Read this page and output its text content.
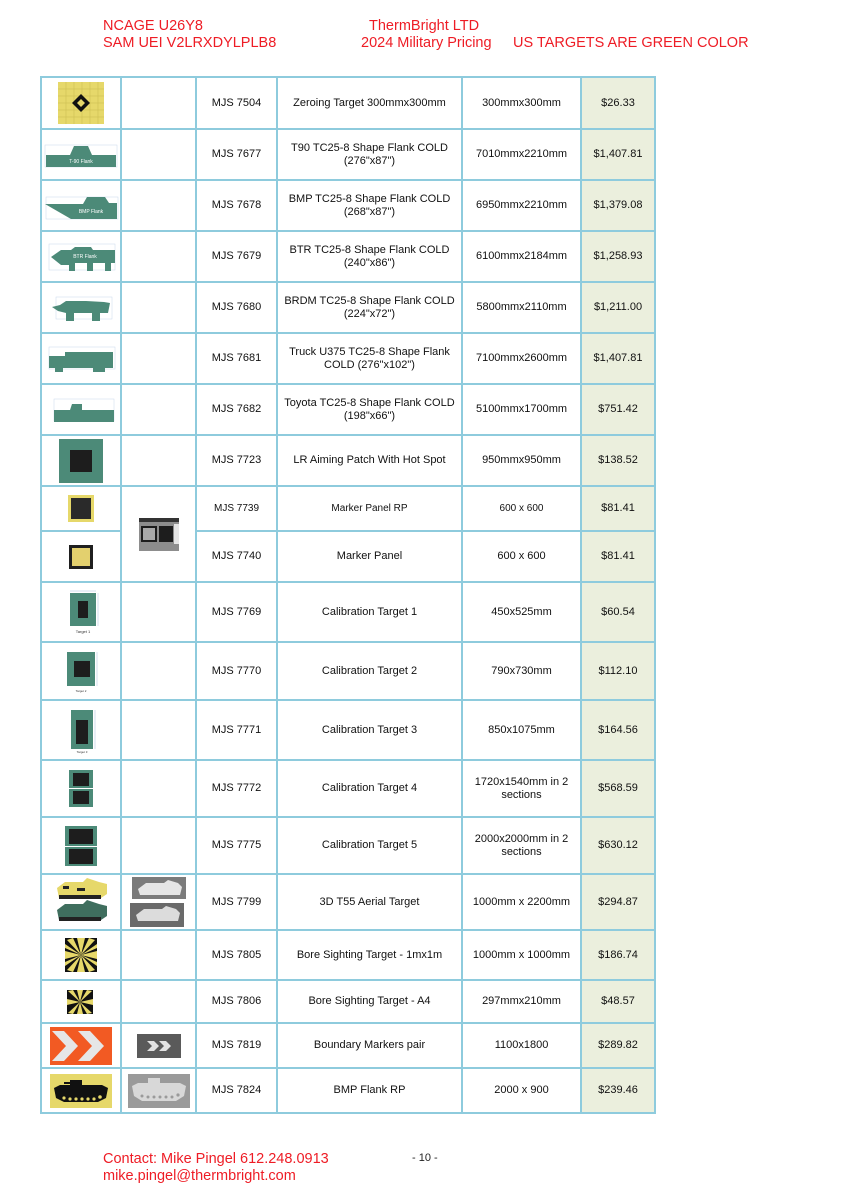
NCAGE U26Y8
SAM UEI V2LRXDYLPLB8
ThermBright LTD
2024 Military Pricing US TARGETS ARE GREEN COLOR
		MJS 7504	Zeroing Target 300mmx300mm	300mmx300mm	$26.33

T-90 Flank		MJS 7677	T90 TC25-8 Shape Flank COLD (276"x87")	7010mmx2210mm	$1,407.81

BMP Flank		MJS 7678	BMP TC25-8 Shape Flank COLD (268"x87")	6950mmx2210mm	$1,379.08

BTR Flank		MJS 7679	BTR TC25-8 Shape Flank COLD (240"x86")	6100mmx2184mm	$1,258.93

		MJS 7680	BRDM TC25-8 Shape Flank COLD (224"x72")	5800mmx2110mm	$1,211.00

		MJS 7681	Truck U375 TC25-8 Shape Flank COLD (276"x102")	7100mmx2600mm	$1,407.81

		MJS 7682	Toyota TC25-8 Shape Flank COLD (198"x66")	5100mmx1700mm	$751.42

		MJS 7723	LR Aiming Patch With Hot Spot	950mmx950mm	$138.52

	MJS 7739	Marker Panel RP	600 x 600	$81.41

	MJS 7740	Marker Panel	600 x 600	$81.41

Target 1		MJS 7769	Calibration Target 1	450x525mm	$60.54

Target 2		MJS 7770	Calibration Target 2	790x730mm	$112.10

Target 3		MJS 7771	Calibration Target 3	850x1075mm	$164.56

		MJS 7772	Calibration Target 4	1720x1540mm in 2 sections	$568.59

		MJS 7775	Calibration Target 5	2000x2000mm in 2 sections	$630.12

	MJS 7799	3D T55 Aerial Target	1000mm x 2200mm	$294.87

		MJS 7805	Bore Sighting Target - 1mx1m	1000mm x 1000mm	$186.74

		MJS 7806	Bore Sighting Target - A4	297mmx210mm	$48.57

	MJS 7819	Boundary Markers pair	1100x1800	$289.82

	MJS 7824	BMP Flank RP	2000 x 900	$239.46
Contact: Mike Pingel 612.248.0913
mike.pingel@thermbright.com
- 10 -
